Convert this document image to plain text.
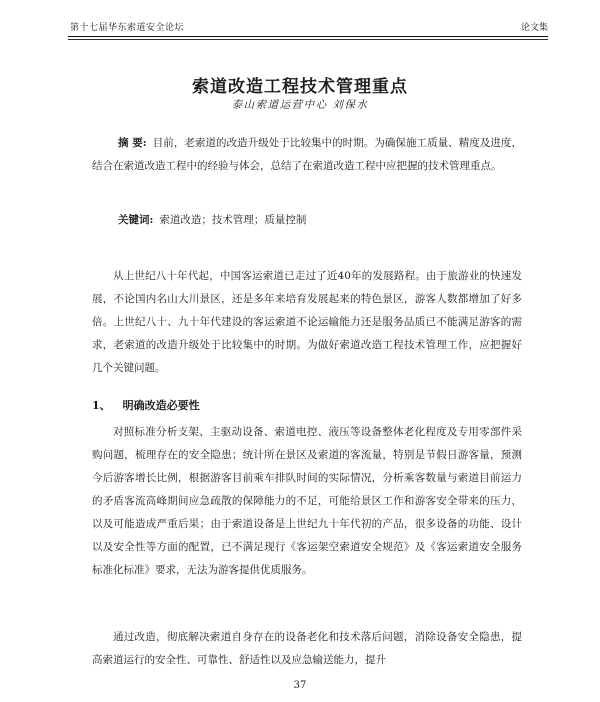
第十七届华东索道安全论坛	论文集
索道改造工程技术管理重点
泰山索道运营中心 刘保水
摘 要: 目前，老索道的改造升级处于比较集中的时期。为确保施工质量、精度及进度，结合在索道改造工程中的经验与体会，总结了在索道改造工程中应把握的技术管理重点。
关键词: 索道改造；技术管理；质量控制

从上世纪八十年代起，中国客运索道已走过了近40年的发展路程。由于旅游业的快速发展，不论国内名山大川景区，还是多年来培育发展起来的特色景区，游客人数都增加了好多倍。上世纪八十、九十年代建设的客运索道不论运输能力还是服务品质已不能满足游客的需求，老索道的改造升级处于比较集中的时期。为做好索道改造工程技术管理工作，应把握好几个关键问题。

1、 明确改造必要性

对照标准分析支架、主驱动设备、索道电控、液压等设备整体老化程度及专用零部件采购问题，梳理存在的安全隐患；统计所在景区及索道的客流量，特别是节假日游客量，预测今后游客增长比例，根据游客目前乘车排队时间的实际情况，分析乘客数量与索道目前运力的矛盾客流高峰期间应急疏散的保障能力的不足，可能给景区工作和游客安全带来的压力，以及可能造成严重后果；由于索道设备是上世纪九十年代初的产品，很多设备的功能、设计以及安全性等方面的配置，已不满足现行《客运架空索道安全规范》及《客运索道安全服务标准化标准》要求，无法为游客提供优质服务。

通过改造，彻底解决索道自身存在的设备老化和技术落后问题，消除设备安全隐患，提高索道运行的安全性、可靠性、舒适性以及应急输送能力，提升

37
